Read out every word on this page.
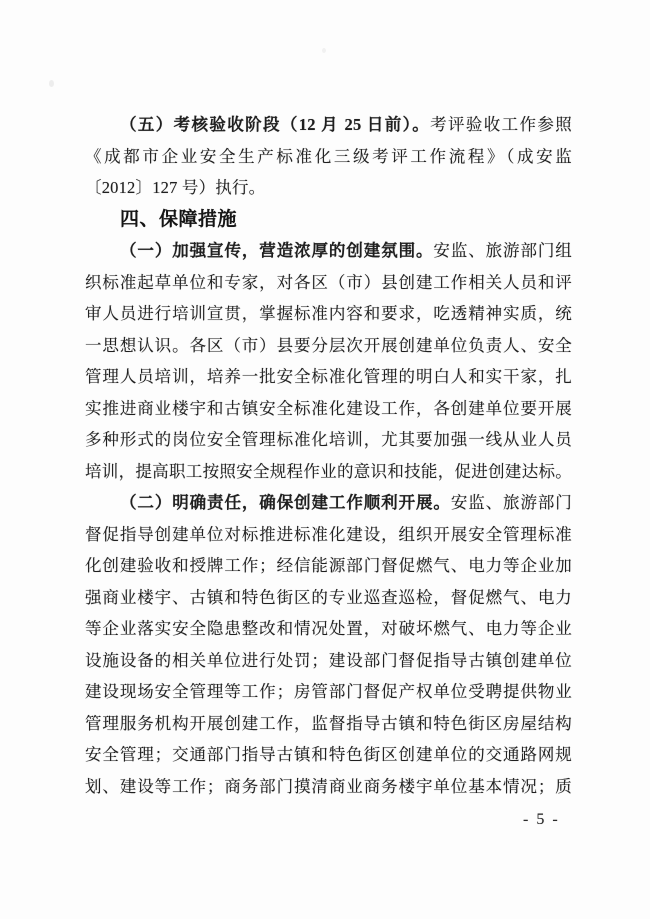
（五）考核验收阶段（12 月 25 日前）。考评验收工作参照
《成都市企业安全生产标准化三级考评工作流程》（成安监
〔2012〕127 号）执行。
四、保障措施
（一）加强宣传，营造浓厚的创建氛围。安监、旅游部门组
织标准起草单位和专家，对各区（市）县创建工作相关人员和评
审人员进行培训宣贯，掌握标准内容和要求，吃透精神实质，统
一思想认识。各区（市）县要分层次开展创建单位负责人、安全
管理人员培训，培养一批安全标准化管理的明白人和实干家，扎
实推进商业楼宇和古镇安全标准化建设工作，各创建单位要开展
多种形式的岗位安全管理标准化培训，尤其要加强一线从业人员
培训，提高职工按照安全规程作业的意识和技能，促进创建达标。
（二）明确责任，确保创建工作顺利开展。安监、旅游部门
督促指导创建单位对标推进标准化建设，组织开展安全管理标准
化创建验收和授牌工作；经信能源部门督促燃气、电力等企业加
强商业楼宇、古镇和特色街区的专业巡查巡检，督促燃气、电力
等企业落实安全隐患整改和情况处置，对破坏燃气、电力等企业
设施设备的相关单位进行处罚；建设部门督促指导古镇创建单位
建设现场安全管理等工作；房管部门督促产权单位受聘提供物业
管理服务机构开展创建工作，监督指导古镇和特色街区房屋结构
安全管理；交通部门指导古镇和特色街区创建单位的交通路网规
划、建设等工作；商务部门摸清商业商务楼宇单位基本情况；质
- 5 -
